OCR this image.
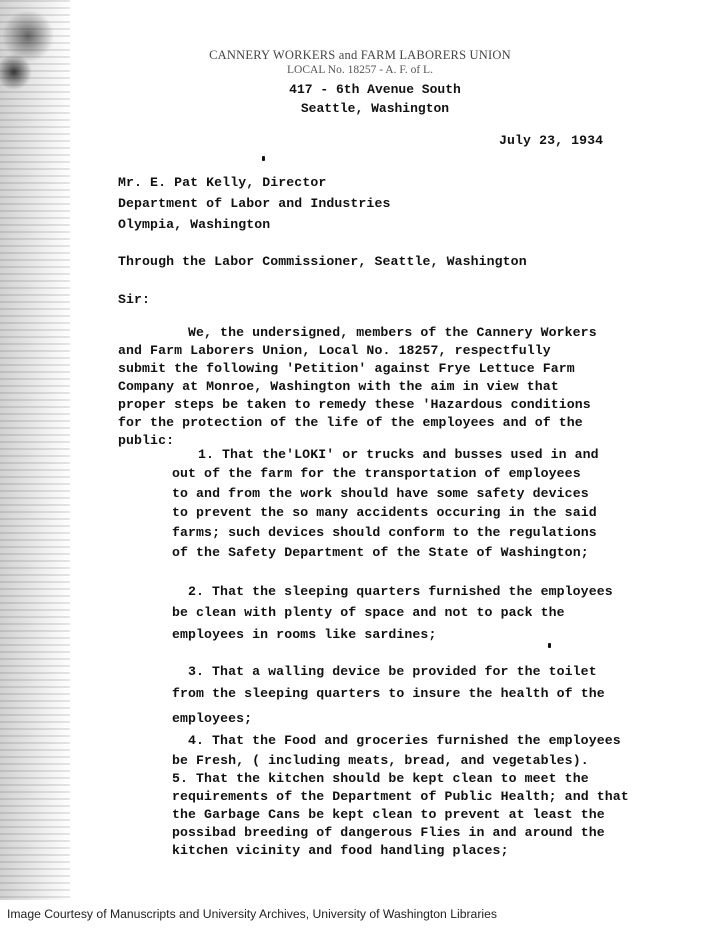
CANNERY WORKERS and FARM LABORERS UNION
LOCAL No. 18257 - A. F. of L.
417 - 6th Avenue South
Seattle, Washington
July 23, 1934
Mr. E. Pat Kelly, Director
Department of Labor and Industries
Olympia, Washington
Through the Labor Commissioner, Seattle, Washington
Sir:
We, the undersigned, members of the Cannery Workers
and Farm Laborers Union, Local No. 18257, respectfully
submit the following 'Petition' against Frye Lettuce Farm
Company at Monroe, Washington with the aim in view that
proper steps be taken to remedy these 'Hazardous conditions
for the protection of the life of the employees and of the
public:
1. That the'LOKI' or trucks and busses used in and
out of the farm for the transportation of employees
to and from the work should have some safety devices
to prevent the so many accidents occuring in the said
farms; such devices should conform to the regulations
of the Safety Department of the State of Washington;
2. That the sleeping quarters furnished the employees
be clean with plenty of space and not to pack the
employees in rooms like sardines;
3. That a walling device be provided for the toilet
from the sleeping quarters to insure the health of the
employees;
4. That the Food and groceries furnished the employees
be Fresh, ( including meats, bread, and vegetables).
5. That the kitchen should be kept clean to meet the
requirements of the Department of Public Health; and that
the Garbage Cans be kept clean to prevent at least the
possibad breeding of dangerous Flies in and around the
kitchen vicinity and food handling places;
Image Courtesy of Manuscripts and University Archives, University of Washington Libraries
